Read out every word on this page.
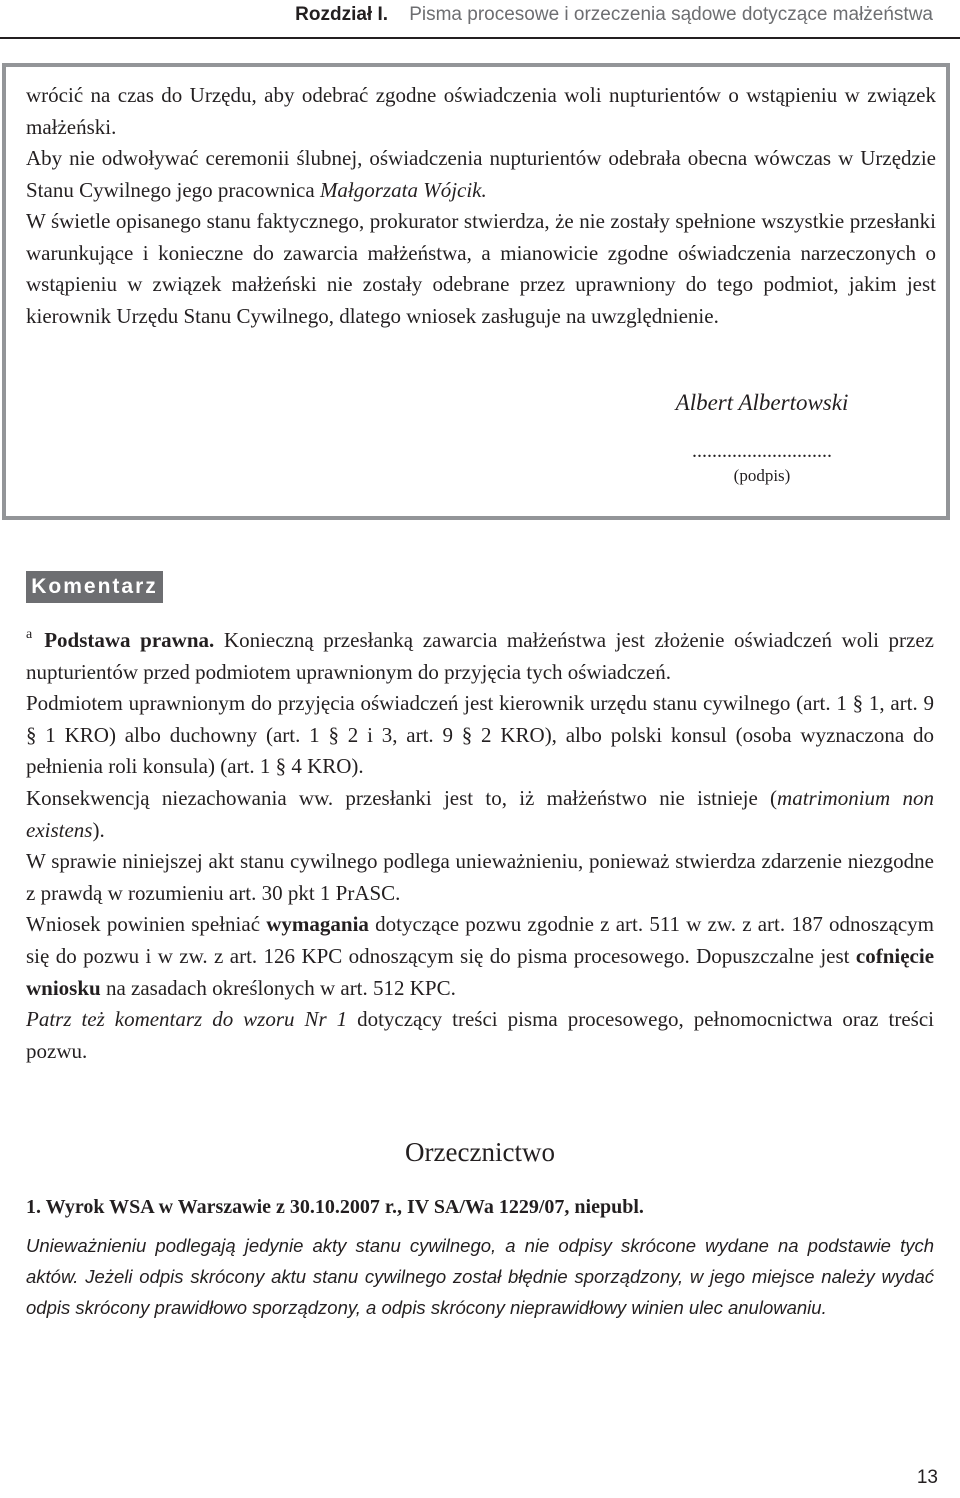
Rozdział I. Pisma procesowe i orzeczenia sądowe dotyczące małżeństwa

wrócić na czas do Urzędu, aby odebrać zgodne oświadczenia woli nupturientów o wstąpieniu w związek małżeński.

Aby nie odwoływać ceremonii ślubnej, oświadczenia nupturientów odebrała obecna wówczas w Urzędzie Stanu Cywilnego jego pracownica Małgorzata Wójcik.

W świetle opisanego stanu faktycznego, prokurator stwierdza, że nie zostały spełnione wszystkie przesłanki warunkujące i konieczne do zawarcia małżeństwa, a mianowicie zgodne oświadczenia narzeczonych o wstąpieniu w związek małżeński nie zostały odebrane przez uprawniony do tego podmiot, jakim jest kierownik Urzędu Stanu Cywilnego, dlatego wniosek zasługuje na uwzględnienie.

Albert Albertowski
............................
(podpis)
Komentarz

$^a$ Podstawa prawna. Konieczną przesłanką zawarcia małżeństwa jest złożenie oświadczeń woli przez nupturientów przed podmiotem uprawnionym do przyjęcia tych oświadczeń.

Podmiotem uprawnionym do przyjęcia oświadczeń jest kierownik urzędu stanu cywilnego (art. 1 § 1, art. 9 § 1 KRO) albo duchowny (art. 1 § 2 i 3, art. 9 § 2 KRO), albo polski konsul (osoba wyznaczona do pełnienia roli konsula) (art. 1 § 4 KRO).

Konsekwencją niezachowania ww. przesłanki jest to, iż małżeństwo nie istnieje (matrimonium non existens).

W sprawie niniejszej akt stanu cywilnego podlega unieważnieniu, ponieważ stwierdza zdarzenie niezgodne z prawdą w rozumieniu art. 30 pkt 1 PrASC.

Wniosek powinien spełniać wymagania dotyczące pozwu zgodnie z art. 511 w zw. z art. 187 odnoszącym się do pozwu i w zw. z art. 126 KPC odnoszącym się do pisma procesowego. Dopuszczalne jest cofnięcie wniosku na zasadach określonych w art. 512 KPC.

Patrz też komentarz do wzoru Nr 1 dotyczący treści pisma procesowego, pełnomocnictwa oraz treści pozwu.

Orzecznictwo
1. Wyrok WSA w Warszawie z 30.10.2007 r., IV SA/Wa 1229/07, niepubl.

Unieważnieniu podlegają jedynie akty stanu cywilnego, a nie odpisy skrócone wydane na podstawie tych aktów. Jeżeli odpis skrócony aktu stanu cywilnego został błędnie sporządzony, w jego miejsce należy wydać odpis skrócony prawidłowo sporządzony, a odpis skrócony nieprawidłowy winien ulec anulowaniu.

13
